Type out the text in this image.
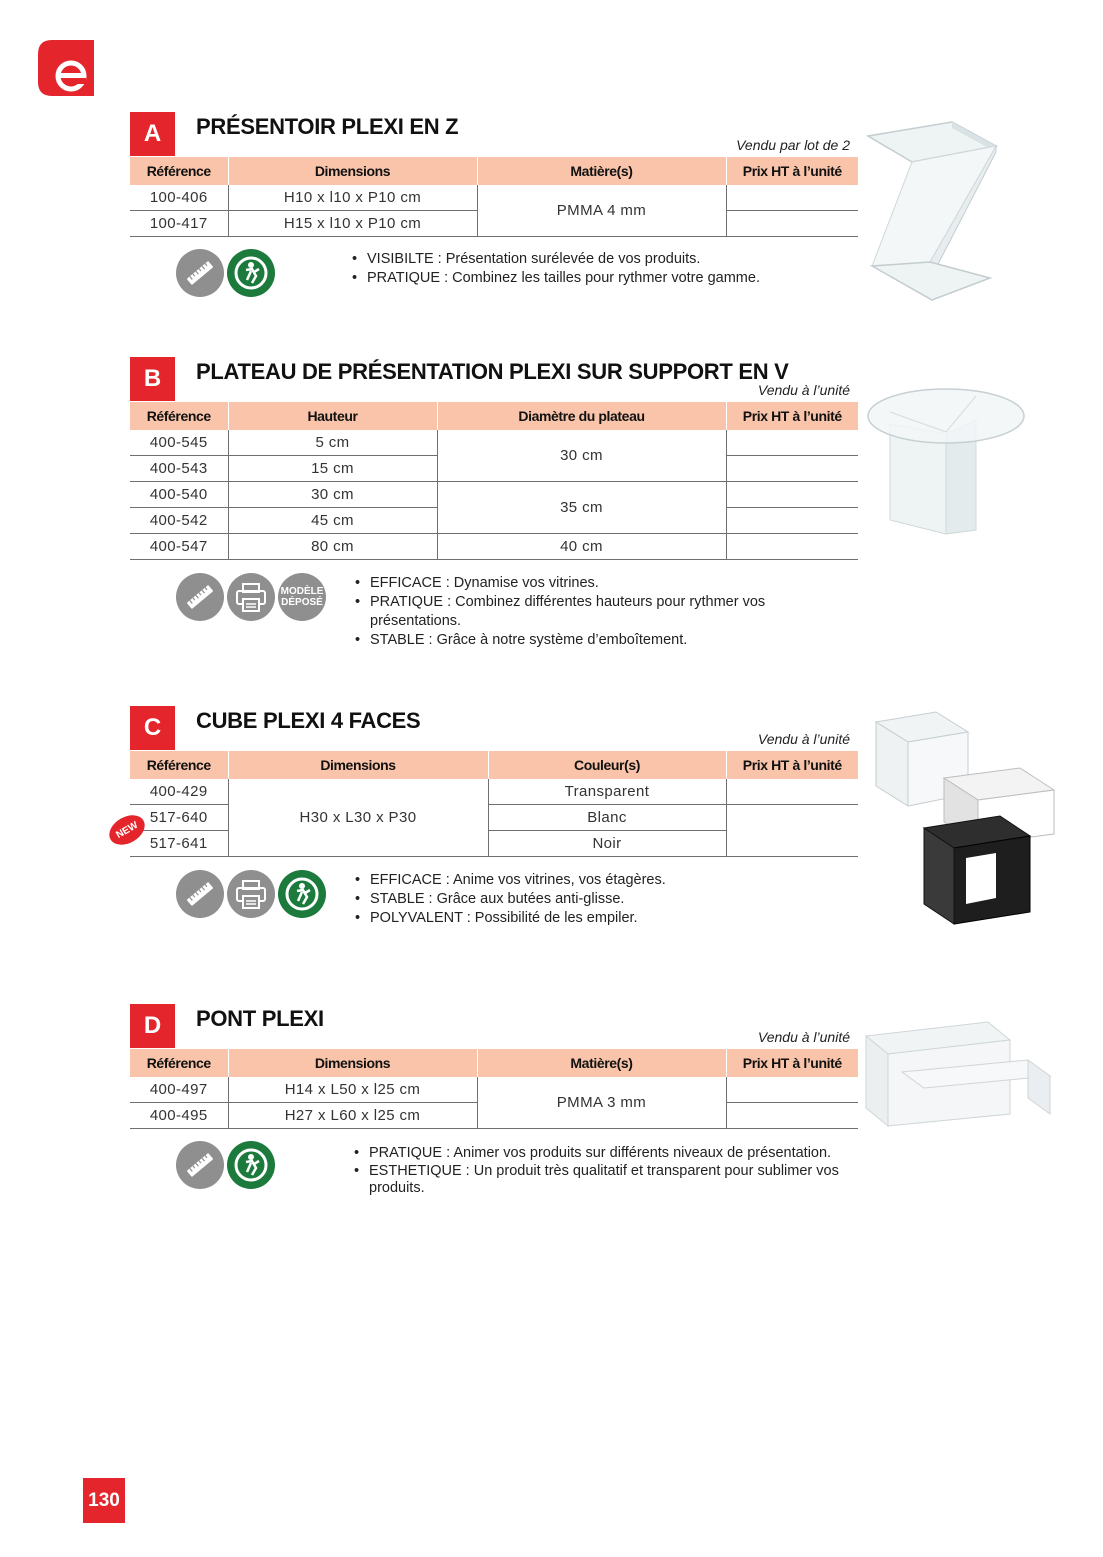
A	PRÉSENTOIR PLEXI EN Z
Vendu par lot de 2
Référence	Dimensions	Matière(s)	Prix HT à l’unité
100-406	H10 x l10 x P10 cm	PMMA 4 mm	
100-417	H15 x l10 x P10 cm		
• VISIBILTE : Présentation surélevée de vos produits.
• PRATIQUE : Combinez les tailles pour rythmer votre gamme.
B	PLATEAU DE PRÉSENTATION PLEXI SUR SUPPORT EN V
Vendu à l’unité
Référence	Hauteur	Diamètre du plateau	Prix HT à l’unité
400-545	5 cm	30 cm	
400-543	15 cm		
400-540	30 cm	35 cm	
400-542	45 cm		
400-547	80 cm	40 cm	
MODÈLE
DÉPOSÉ
• EFFICACE : Dynamise vos vitrines.
• PRATIQUE : Combinez différentes hauteurs pour rythmer vos présentations.
• STABLE : Grâce à notre système d’emboîtement.
C	CUBE PLEXI 4 FACES
Vendu à l’unité
Référence	Dimensions	Couleur(s)	Prix HT à l’unité
400-429	H30 x L30 x P30	Transparent	
517-640		Blanc	
517-641		Noir	
• EFFICACE : Anime vos vitrines, vos étagères.
• STABLE : Grâce aux butées anti-glisse.
• POLYVALENT : Possibilité de les empiler.
NEW
D	PONT PLEXI
Vendu à l’unité
Référence	Dimensions	Matière(s)	Prix HT à l’unité
400-497	H14 x L50 x l25 cm	PMMA 3 mm	
400-495	H27 x L60 x l25 cm		
• PRATIQUE : Animer vos produits sur différents niveaux de présentation.
• ESTHETIQUE : Un produit très qualitatif et transparent pour sublimer vos produits.
130
